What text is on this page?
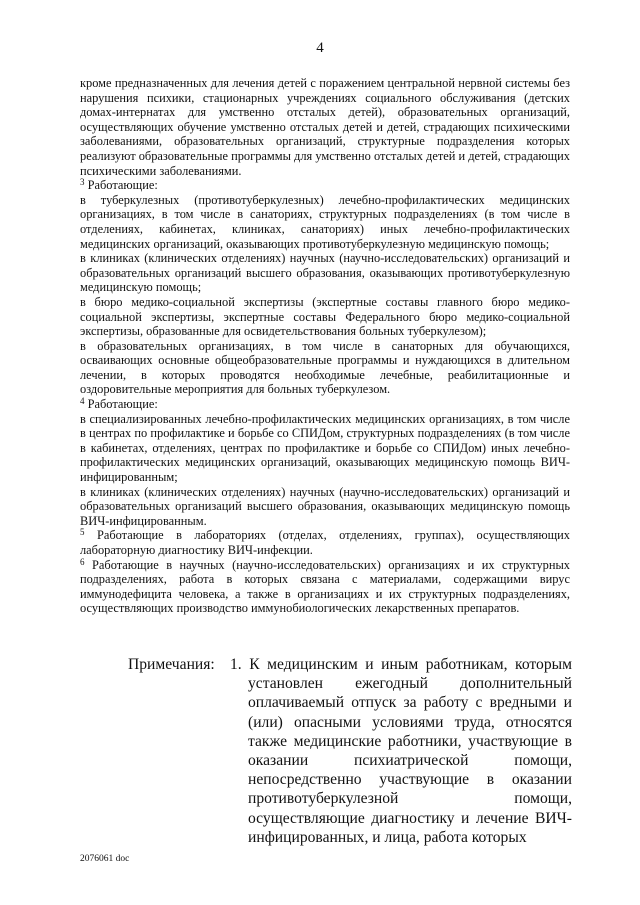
4

кроме предназначенных для лечения детей с поражением центральной нервной системы без нарушения психики, стационарных учреждениях социального обслуживания (детских домах-интернатах для умственно отсталых детей), образовательных организаций, осуществляющих обучение умственно отсталых детей и детей, страдающих психическими заболеваниями, образовательных организаций, структурные подразделения которых реализуют образовательные программы для умственно отсталых детей и детей, страдающих психическими заболеваниями.

$^3$ Работающие:

в туберкулезных (противотуберкулезных) лечебно-профилактических медицинских организациях, в том числе в санаториях, структурных подразделениях (в том числе в отделениях, кабинетах, клиниках, санаториях) иных лечебно-профилактических медицинских организаций, оказывающих противотуберкулезную медицинскую помощь;

в клиниках (клинических отделениях) научных (научно-исследовательских) организаций и образовательных организаций высшего образования, оказывающих противотуберкулезную медицинскую помощь;

в бюро медико-социальной экспертизы (экспертные составы главного бюро медико-социальной экспертизы, экспертные составы Федерального бюро медико-социальной экспертизы, образованные для освидетельствования больных туберкулезом);

в образовательных организациях, в том числе в санаторных для обучающихся, осваивающих основные общеобразовательные программы и нуждающихся в длительном лечении, в которых проводятся необходимые лечебные, реабилитационные и оздоровительные мероприятия для больных туберкулезом.

$^4$ Работающие:

в специализированных лечебно-профилактических медицинских организациях, в том числе в центрах по профилактике и борьбе со СПИДом, структурных подразделениях (в том числе в кабинетах, отделениях, центрах по профилактике и борьбе со СПИДом) иных лечебно-профилактических медицинских организаций, оказывающих медицинскую помощь ВИЧ-инфицированным;

в клиниках (клинических отделениях) научных (научно-исследовательских) организаций и образовательных организаций высшего образования, оказывающих медицинскую помощь ВИЧ-инфицированным.

$^5$ Работающие в лабораториях (отделах, отделениях, группах), осуществляющих лабораторную диагностику ВИЧ-инфекции.

$^6$ Работающие в научных (научно-исследовательских) организациях и их структурных подразделениях, работа в которых связана с материалами, содержащими вирус иммунодефицита человека, а также в организациях и их структурных подразделениях, осуществляющих производство иммунобиологических лекарственных препаратов.

Примечания: 1. К медицинским и иным работникам, которым установлен ежегодный дополнительный оплачиваемый отпуск за работу с вредными и (или) опасными условиями труда, относятся также медицинские работники, участвующие в оказании психиатрической помощи, непосредственно участвующие в оказании противотуберкулезной помощи, осуществляющие диагностику и лечение ВИЧ-инфицированных, и лица, работа которых
2076061 doc
